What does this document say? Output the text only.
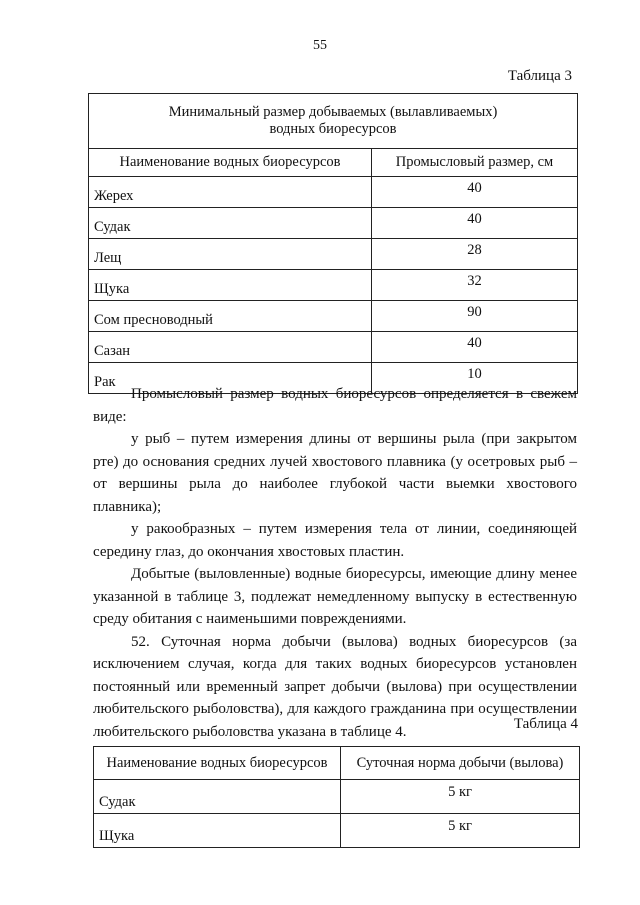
55
Таблица 3
Минимальный размер добываемых (вылавливаемых)
водных биоресурсов	
Наименование водных биоресурсов	Промысловый размер, см
Жерех	40
Судак	40
Лещ	28
Щука	32
Сом пресноводный	90
Сазан	40
Рак	10

Промысловый размер водных биоресурсов определяется в свежем виде:

у рыб – путем измерения длины от вершины рыла (при закрытом рте) до основания средних лучей хвостового плавника (у осетровых рыб – от вершины рыла до наиболее глубокой части выемки хвостового плавника);

у ракообразных – путем измерения тела от линии, соединяющей середину глаз, до окончания хвостовых пластин.

Добытые (выловленные) водные биоресурсы, имеющие длину менее указанной в таблице 3, подлежат немедленному выпуску в естественную среду обитания с наименьшими повреждениями.

52. Суточная норма добычи (вылова) водных биоресурсов (за исключением случая, когда для таких водных биоресурсов установлен постоянный или временный запрет добычи (вылова) при осуществлении любительского рыболовства), для каждого гражданина при осуществлении любительского рыболовства указана в таблице 4.	Таблица 4
Наименование водных биоресурсов	Суточная норма добычи (вылова)
Судак	5 кг
Щука	5 кг
